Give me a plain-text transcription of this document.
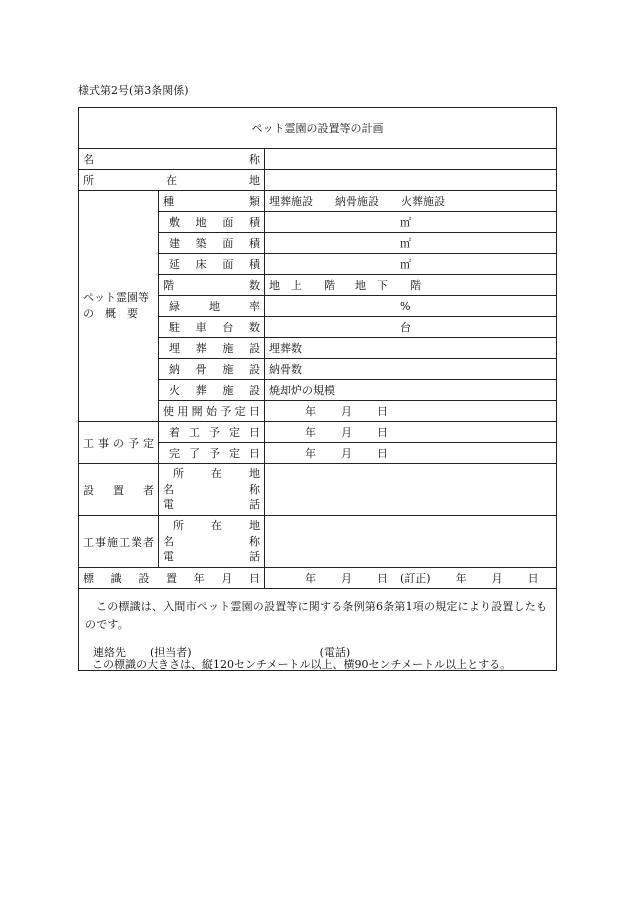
様式第2号(第3条関係)
ペット霊園の設置等の計画		
名称		
所在地		

ペット霊園等
の　概　要	種類	埋葬施設 納骨施設 火葬施設
	敷地面積	㎡
	建築面積	㎡
	延床面積	㎡
	階数	地　上 階 地　下 階
	緑地率	%
	駐車台数	台
	埋葬施設	埋葬数
	納骨施設	納骨数
	火葬施設	焼却炉の規模
	使用開始予定日	年 月 日
工事の予定	着工予定日	年 月 日
	完了予定日	年 月 日
設置者	所在地
名称
電話	

工事施工業者	所在地
名称
電話	

標識設置年月日		年 月 日 (訂正) 年 月 日

この標識は、入間市ペット霊園の設置等に関する条例第6条第1項の規定により設置したものです。
連絡先 (担当者) (電話)		
この標識の大きさは、縦120センチメートル以上、横90センチメートル以上とする。
